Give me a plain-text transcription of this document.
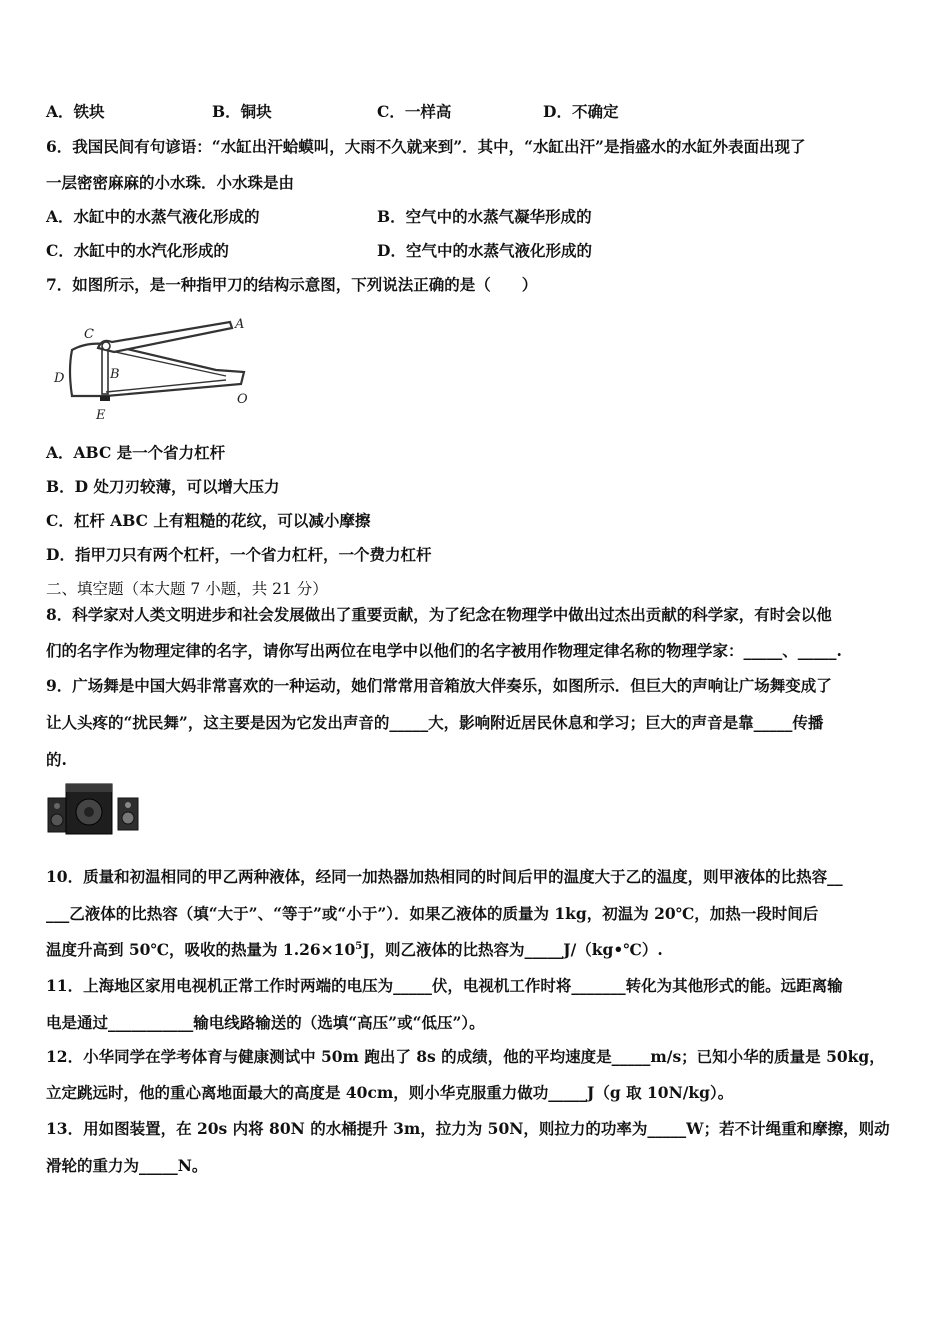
A．铁块	B．铜块	C．一样高	D．不确定
6．我国民间有句谚语：“水缸出汗蛤蟆叫，大雨不久就来到”．其中，“水缸出汗”是指盛水的水缸外表面出现了
一层密密麻麻的小水珠．小水珠是由
A．水缸中的水蒸气液化形成的	B．空气中的水蒸气凝华形成的
C．水缸中的水汽化形成的	D．空气中的水蒸气液化形成的
7．如图所示，是一种指甲刀的结构示意图，下列说法正确的是（　　）
C
A
B
D
E
O
A．ABC 是一个省力杠杆
B．D 处刀刃较薄，可以增大压力
C．杠杆 ABC 上有粗糙的花纹，可以减小摩擦
D．指甲刀只有两个杠杆，一个省力杠杆，一个费力杠杆
二、填空题（本大题 7 小题，共 21 分）
8．科学家对人类文明进步和社会发展做出了重要贡献，为了纪念在物理学中做出过杰出贡献的科学家，有时会以他
们的名字作为物理定律的名字，请你写出两位在电学中以他们的名字被用作物理定律名称的物理学家：_____、_____.
9．广场舞是中国大妈非常喜欢的一种运动，她们常常用音箱放大伴奏乐，如图所示．但巨大的声响让广场舞变成了
让人头疼的“扰民舞”，这主要是因为它发出声音的_____大，影响附近居民休息和学习；巨大的声音是靠_____传播
的.
10．质量和初温相同的甲乙两种液体，经同一加热器加热相同的时间后甲的温度大于乙的温度，则甲液体的比热容__
___乙液体的比热容（填“大于”、“等于”或“小于”）．如果乙液体的质量为 1kg，初温为 20℃，加热一段时间后
温度升高到 50℃，吸收的热量为 $1.26\times 10^5J$，则乙液体的比热容为_____J/（kg•℃）.
11．上海地区家用电视机正常工作时两端的电压为_____伏，电视机工作时将_______转化为其他形式的能。远距离输
电是通过___________输电线路输送的（选填“高压”或“低压”）。
12．小华同学在学考体育与健康测试中 50m 跑出了 8s 的成绩，他的平均速度是_____m/s；已知小华的质量是 50kg，
立定跳远时，他的重心离地面最大的高度是 40cm，则小华克服重力做功_____J（g 取 10N/kg）。
13．用如图装置，在 20s 内将 80N 的水桶提升 3m，拉力为 50N，则拉力的功率为_____W；若不计绳重和摩擦，则动
滑轮的重力为_____N。
